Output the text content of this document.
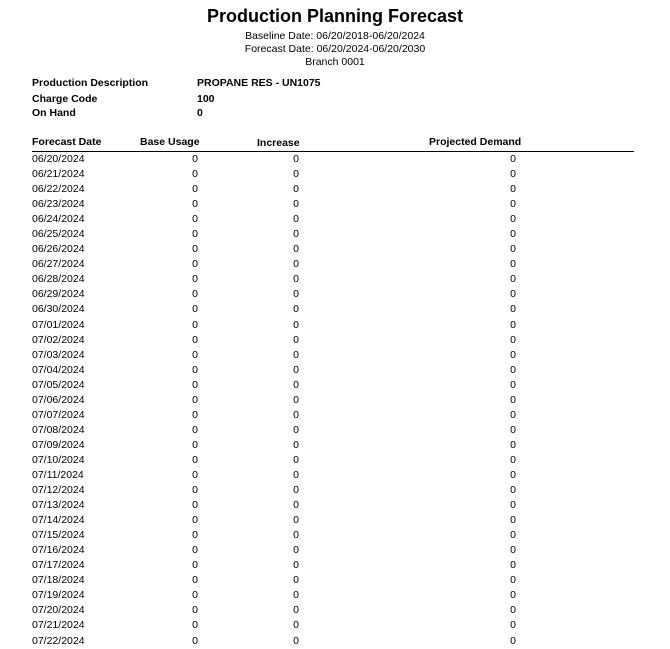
Production Planning Forecast
Baseline Date: 06/20/2018-06/20/2024
Forecast Date: 06/20/2024-06/20/2030
Branch 0001
Production Description	PROPANE RES - UN1075
Charge Code	100
On Hand	0
Forecast Date	Base Usage	Increase	Projected Demand
06/20/2024	0	0	0
06/21/2024	0	0	0
06/22/2024	0	0	0
06/23/2024	0	0	0
06/24/2024	0	0	0
06/25/2024	0	0	0
06/26/2024	0	0	0
06/27/2024	0	0	0
06/28/2024	0	0	0
06/29/2024	0	0	0
06/30/2024	0	0	0
07/01/2024	0	0	0
07/02/2024	0	0	0
07/03/2024	0	0	0
07/04/2024	0	0	0
07/05/2024	0	0	0
07/06/2024	0	0	0
07/07/2024	0	0	0
07/08/2024	0	0	0
07/09/2024	0	0	0
07/10/2024	0	0	0
07/11/2024	0	0	0
07/12/2024	0	0	0
07/13/2024	0	0	0
07/14/2024	0	0	0
07/15/2024	0	0	0
07/16/2024	0	0	0
07/17/2024	0	0	0
07/18/2024	0	0	0
07/19/2024	0	0	0
07/20/2024	0	0	0
07/21/2024	0	0	0
07/22/2024	0	0	0
